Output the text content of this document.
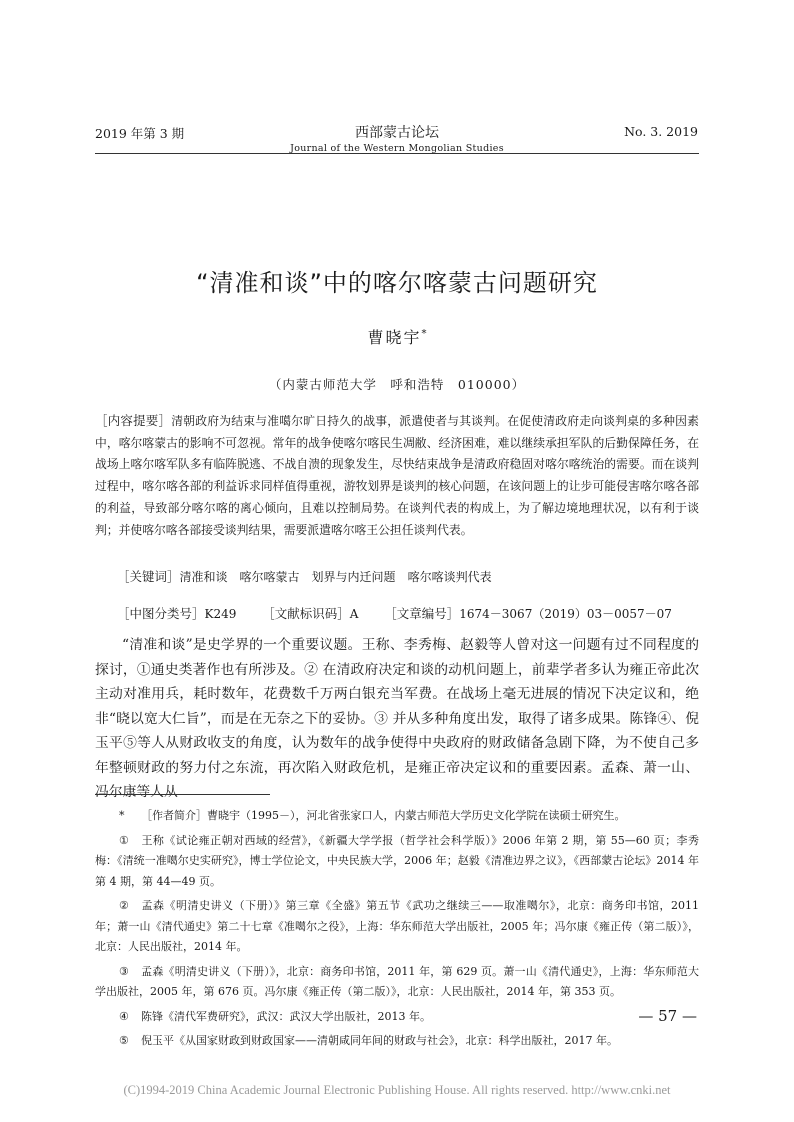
2019 年第 3 期	西部蒙古论坛
Journal of the Western Mongolian Studies
No. 3. 2019
“清准和谈”中的喀尔喀蒙古问题研究
曹晓宇*
（内蒙古师范大学　呼和浩特　010000）
［内容提要］清朝政府为结束与准噶尔旷日持久的战事，派遣使者与其谈判。在促使清政府走向谈判桌的多种因素中，喀尔喀蒙古的影响不可忽视。常年的战争使喀尔喀民生凋敝、经济困难，难以继续承担军队的后勤保障任务，在战场上喀尔喀军队多有临阵脱逃、不战自溃的现象发生，尽快结束战争是清政府稳固对喀尔喀统治的需要。而在谈判过程中，喀尔喀各部的利益诉求同样值得重视，游牧划界是谈判的核心问题，在该问题上的让步可能侵害喀尔喀各部的利益，导致部分喀尔喀的离心倾向，且难以控制局势。在谈判代表的构成上，为了解边境地理状况，以有利于谈判；并使喀尔喀各部接受谈判结果，需要派遣喀尔喀王公担任谈判代表。
［关键词］清准和谈 喀尔喀蒙古 划界与内迁问题 喀尔喀谈判代表
［中图分类号］K249 ［文献标识码］A ［文章编号］1674－3067（2019）03－0057－07

“清准和谈”是史学界的一个重要议题。王称、李秀梅、赵毅等人曾对这一问题有过不同程度的探讨，①通史类著作也有所涉及。② 在清政府决定和谈的动机问题上，前辈学者多认为雍正帝此次主动对准用兵，耗时数年，花费数千万两白银充当军费。在战场上毫无进展的情况下决定议和，绝非“晓以宽大仁旨”，而是在无奈之下的妥协。③ 并从多种角度出发，取得了诸多成果。陈锋④、倪玉平⑤等人从财政收支的角度，认为数年的战争使得中央政府的财政储备急剧下降，为不使自己多年整顿财政的努力付之东流，再次陷入财政危机，是雍正帝决定议和的重要因素。孟森、萧一山、冯尔康等人从

* ［作者简介］曹晓宇（1995－），河北省张家口人，内蒙古师范大学历史文化学院在读硕士研究生。

① 王称《试论雍正朝对西域的经营》，《新疆大学学报（哲学社会科学版）》2006 年第 2 期，第 55—60 页；李秀梅：《清统一准噶尔史实研究》，博士学位论文，中央民族大学，2006 年；赵毅《清准边界之议》，《西部蒙古论坛》2014 年第 4 期，第 44—49 页。

② 孟森《明清史讲义（下册）》第三章《全盛》第五节《武功之继续三——取准噶尔》，北京：商务印书馆，2011 年；萧一山《清代通史》第二十七章《准噶尔之役》，上海：华东师范大学出版社，2005 年；冯尔康《雍正传（第二版）》，北京：人民出版社，2014 年。

③ 孟森《明清史讲义（下册）》，北京：商务印书馆，2011 年，第 629 页。萧一山《清代通史》，上海：华东师范大学出版社，2005 年，第 676 页。冯尔康《雍正传（第二版）》，北京：人民出版社，2014 年，第 353 页。

④ 陈锋《清代军费研究》，武汉：武汉大学出版社，2013 年。

⑤ 倪玉平《从国家财政到财政国家——清朝咸同年间的财政与社会》，北京：科学出版社，2017 年。

— 57 —
(C)1994-2019 China Academic Journal Electronic Publishing House. All rights reserved. http://www.cnki.net
